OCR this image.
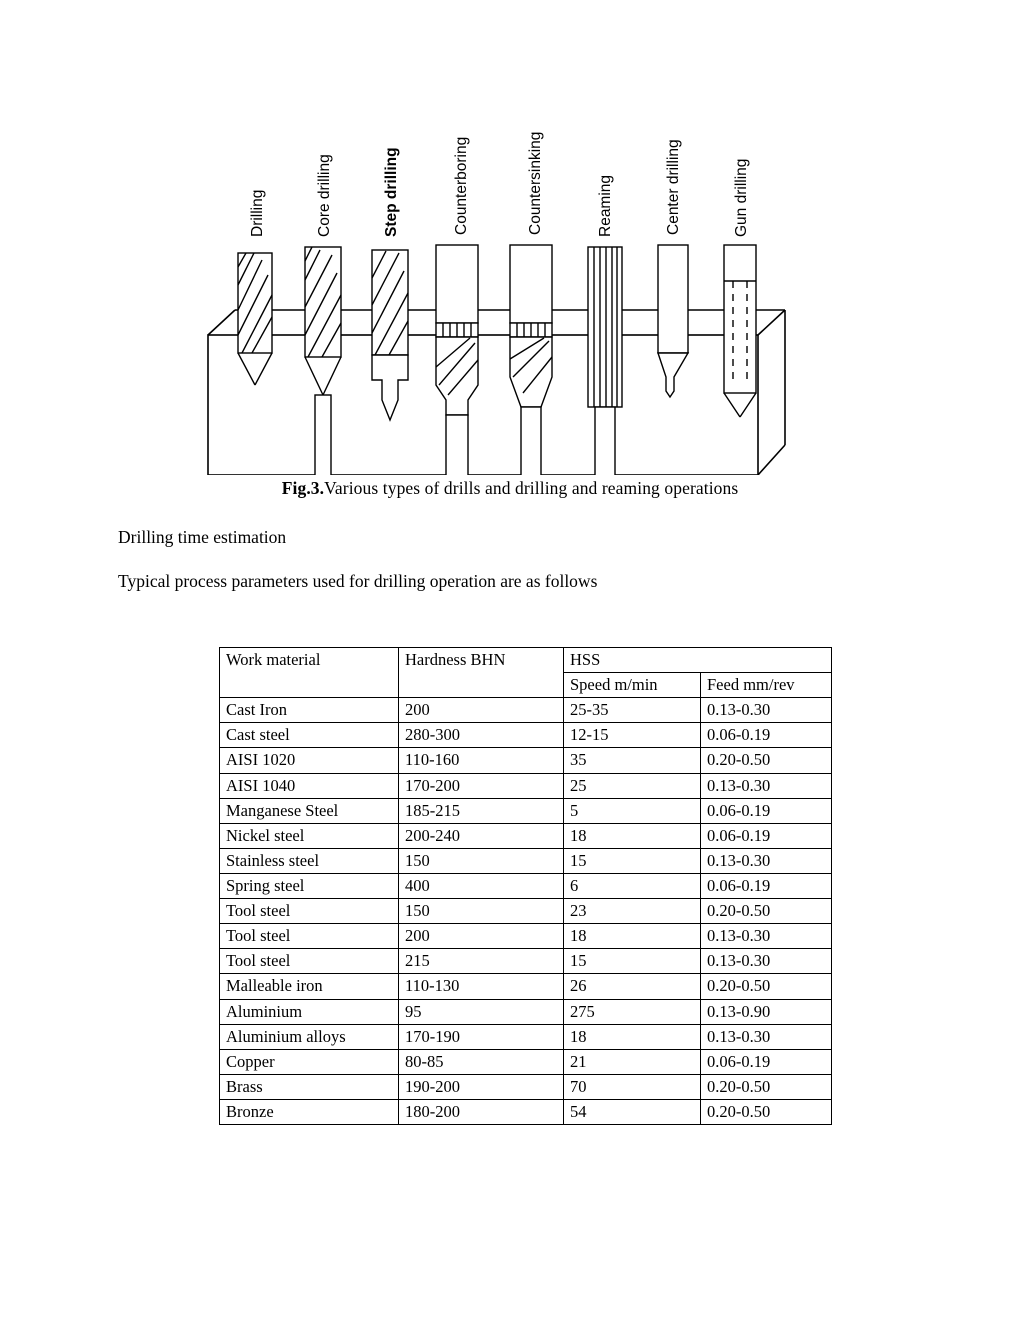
Drilling	Core drilling	Step drilling	Counterboring	Countersinking	Reaming	Center drilling	Gun drilling
Fig.3.Various types of drills and drilling and reaming operations
Drilling time estimation
Typical process parameters used for drilling operation are as follows
Work material	Hardness BHN	HSS	
		Speed m/min	Feed mm/rev
Cast Iron	200	25-35	0.13-0.30
Cast steel	280-300	12-15	0.06-0.19
AISI 1020	110-160	35	0.20-0.50
AISI 1040	170-200	25	0.13-0.30
Manganese Steel	185-215	5	0.06-0.19
Nickel steel	200-240	18	0.06-0.19
Stainless steel	150	15	0.13-0.30
Spring steel	400	6	0.06-0.19
Tool steel	150	23	0.20-0.50
Tool steel	200	18	0.13-0.30
Tool steel	215	15	0.13-0.30
Malleable iron	110-130	26	0.20-0.50
Aluminium	95	275	0.13-0.90
Aluminium alloys	170-190	18	0.13-0.30
Copper	80-85	21	0.06-0.19
Brass	190-200	70	0.20-0.50
Bronze	180-200	54	0.20-0.50
